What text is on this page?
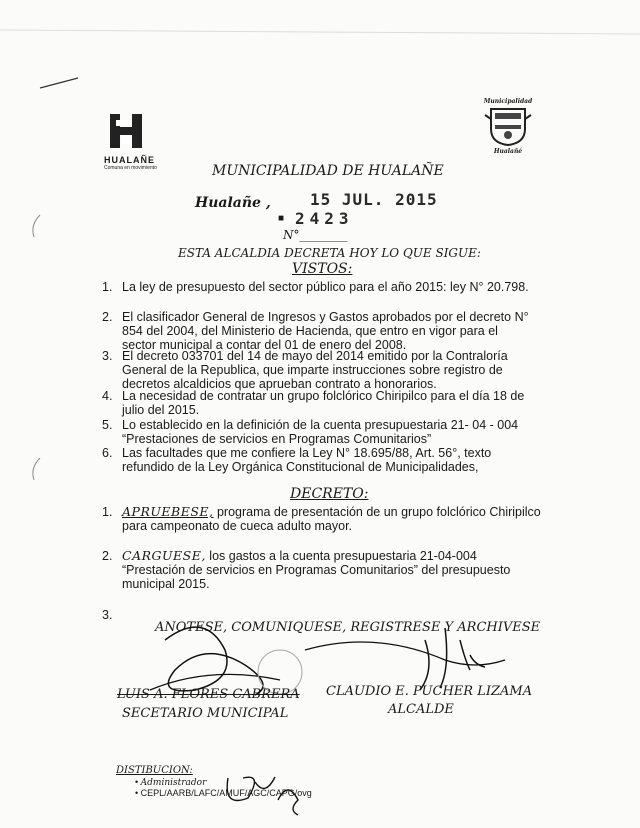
HUALAÑE
Comuna en movimiento
Municipalidad
Hualañé
MUNICIPALIDAD DE HUALAÑE
Hualañe , 15 JUL. 2015
■ 2423
N°________
ESTA ALCALDIA DECRETA HOY LO QUE SIGUE:
VISTOS:
1. La ley de presupuesto del sector público para el año 2015: ley N° 20.798.
2. El clasificador General de Ingresos y Gastos aprobados por el decreto N° 854 del 2004, del Ministerio de Hacienda, que entro en vigor para el sector municipal a contar del 01 de enero del 2008.
3. El decreto 033701 del 14 de mayo del 2014 emitido por la Contraloría General de la Republica, que imparte instrucciones sobre registro de decretos alcaldicios que aprueban contrato a honorarios.
4. La necesidad de contratar un grupo folclórico Chiripilco para el día 18 de julio del 2015.
5. Lo establecido en la definición de la cuenta presupuestaria 21- 04 - 004 “Prestaciones de servicios en Programas Comunitarios”
6. Las facultades que me confiere la Ley N° 18.695/88, Art. 56°, texto refundido de la Ley Orgánica Constitucional de Municipalidades,
DECRETO:
1. APRUEBESE, programa de presentación de un grupo folclórico Chiripilco para campeonato de cueca adulto mayor.
2. CARGUESE, los gastos a la cuenta presupuestaria 21-04-004 “Prestación de servicios en Programas Comunitarios” del presupuesto municipal 2015.
3.
ANOTESE, COMUNIQUESE, REGISTRESE Y ARCHIVESE
LUIS A. FLORES CABRERA
SECETARIO MUNICIPAL
CLAUDIO E. PUCHER LIZAMA
ALCALDE
DISTIBUCION:
• Administrador
• CEPL/AARB/LAFC/AMUF/AGC/CAPG/ovg
